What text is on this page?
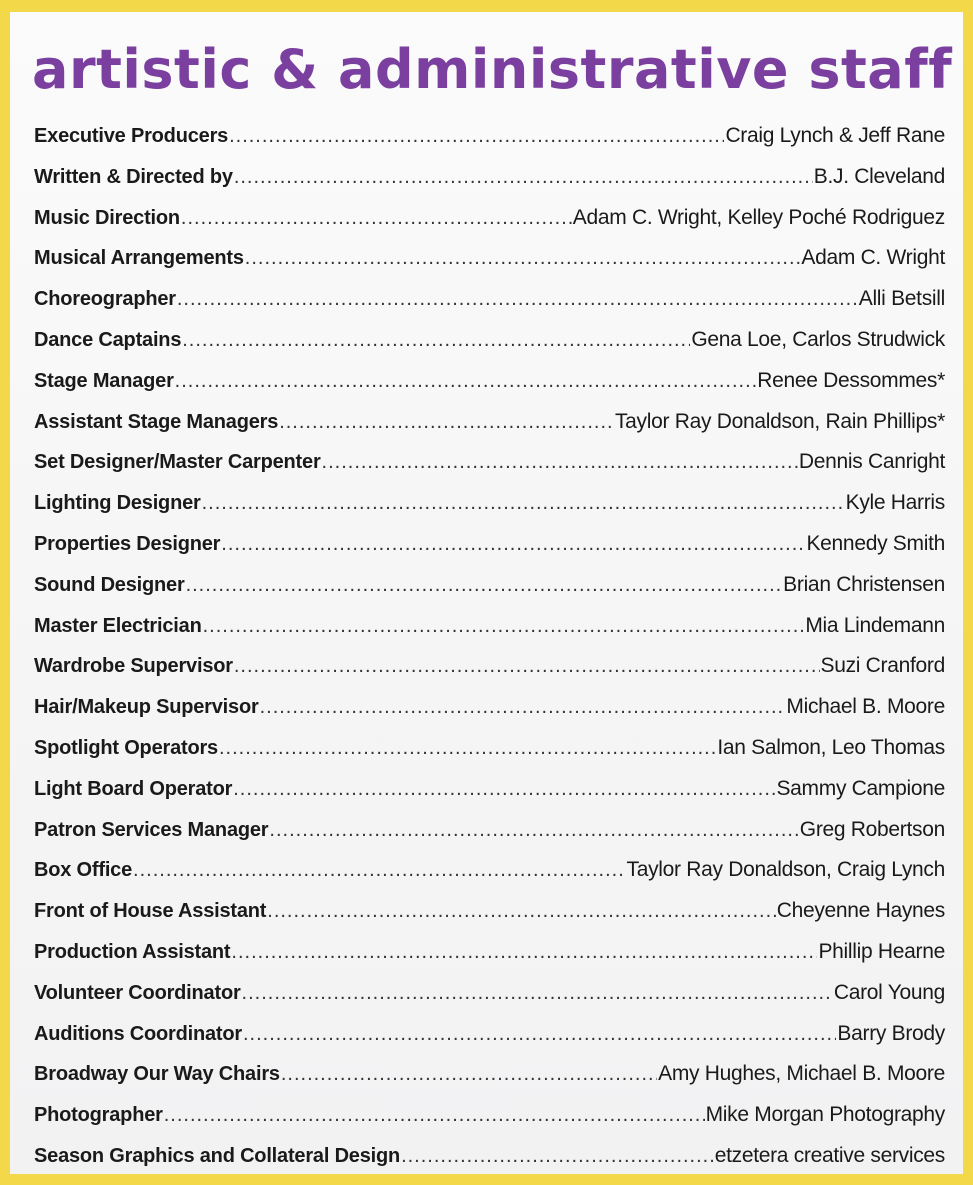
artistic & administrative staff
Executive Producers .....	Craig Lynch & Jeff Rane
Written & Directed by .....	B.J. Cleveland
Music Direction .....	Adam C. Wright, Kelley Poché Rodriguez
Musical Arrangements .....	Adam C. Wright
Choreographer .....	Alli Betsill
Dance Captains .....	Gena Loe, Carlos Strudwick
Stage Manager .....	Renee Dessommes*
Assistant Stage Managers .....	Taylor Ray Donaldson, Rain Phillips*
Set Designer/Master Carpenter .....	Dennis Canright
Lighting Designer .....	Kyle Harris
Properties Designer .....	Kennedy Smith
Sound Designer .....	Brian Christensen
Master Electrician .....	Mia Lindemann
Wardrobe Supervisor .....	Suzi Cranford
Hair/Makeup Supervisor .....	Michael B. Moore
Spotlight Operators .....	Ian Salmon, Leo Thomas
Light Board Operator .....	Sammy Campione
Patron Services Manager .....	Greg Robertson
Box Office .....	Taylor Ray Donaldson, Craig Lynch
Front of House Assistant .....	Cheyenne Haynes
Production Assistant .....	Phillip Hearne
Volunteer Coordinator .....	Carol Young
Auditions Coordinator .....	Barry Brody
Broadway Our Way Chairs .....	Amy Hughes, Michael B. Moore
Photographer .....	Mike Morgan Photography
Season Graphics and Collateral Design .....	etzetera creative services
